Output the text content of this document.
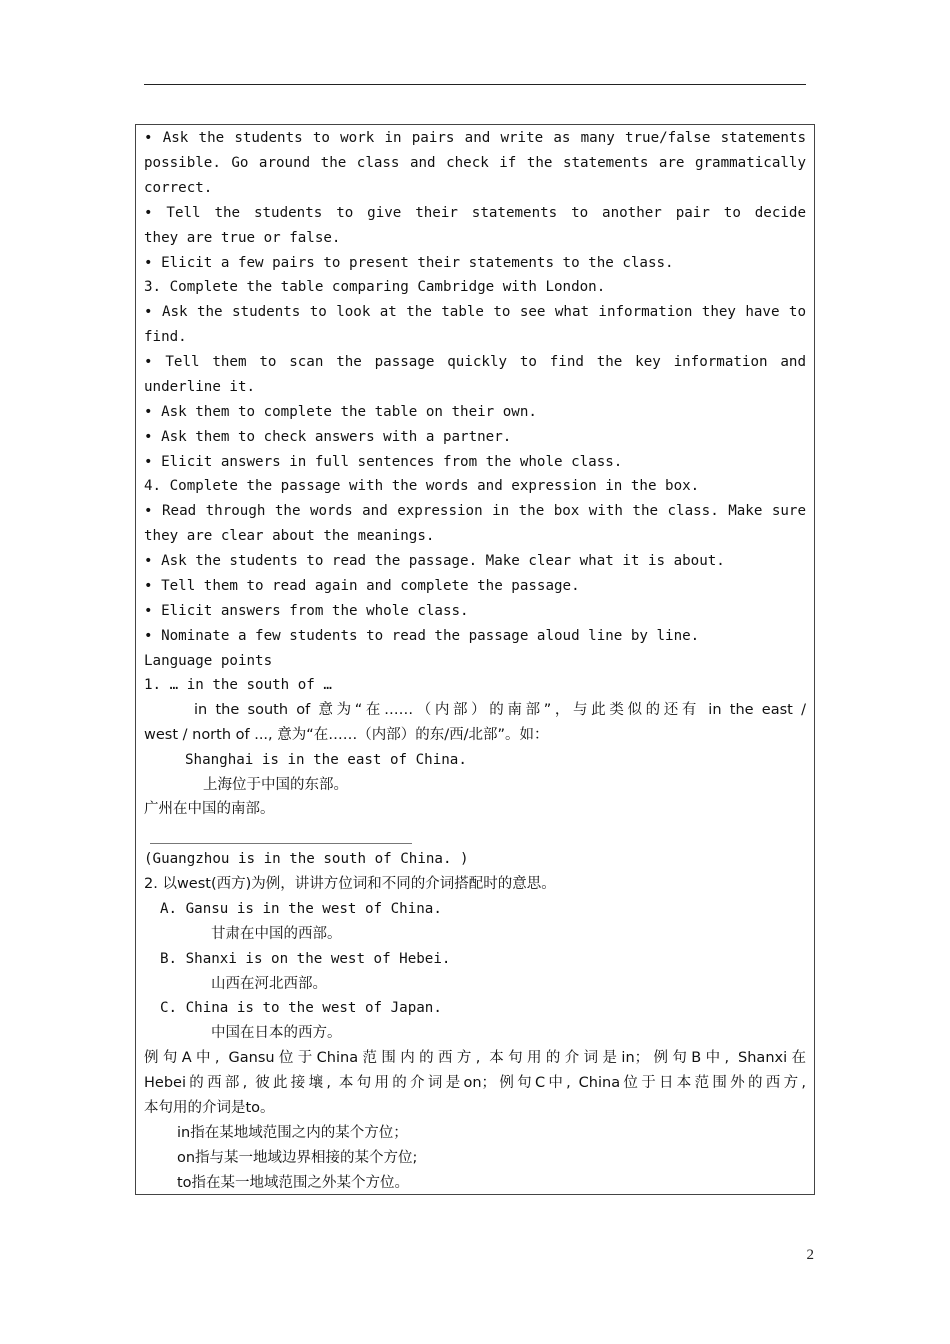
• Ask the students to work in pairs and write as many true/false statements
possible. Go around the class and check if the statements are grammatically
correct.
• Tell the students to give their statements to another pair to decide
they are true or false.
• Elicit a few pairs to present their statements to the class.
3. Complete the table comparing Cambridge with London.
• Ask the students to look at the table to see what information they have to
find.
• Tell them to scan the passage quickly to find the key information and
underline it.
• Ask them to complete the table on their own.
• Ask them to check answers with a partner.
• Elicit answers in full sentences from the whole class.
4. Complete the passage with the words and expression in the box.
• Read through the words and expression in the box with the class. Make sure
they are clear about the meanings.
• Ask the students to read the passage. Make clear what it is about.
• Tell them to read again and complete the passage.
• Elicit answers from the whole class.
• Nominate a few students to read the passage aloud line by line.
Language points
1. … in the south of …
in the south of 意为“在……（内部）的南部”，与此类似的还有 in the east /
west / north of ..., 意为“在……（内部）的东/西/北部”。如：
Shanghai is in the east of China.
上海位于中国的东部。
广州在中国的南部。
(Guangzhou is in the south of China. )
2. 以west(西方)为例，讲讲方位词和不同的介词搭配时的意思。
A. Gansu is in the west of China.
甘肃在中国的西部。
B. Shanxi is on the west of Hebei.
山西在河北西部。
C. China is to the west of Japan.
中国在日本的西方。
例句A中, Gansu位于China范围内的西方, 本句用的介词是in；例句B中, Shanxi在
Hebei的西部, 彼此接壤, 本句用的介词是on；例句C中, China位于日本范围外的西方,
本句用的介词是to。
in指在某地域范围之内的某个方位；
on指与某一地域边界相接的某个方位;
to指在某一地域范围之外某个方位。
2
